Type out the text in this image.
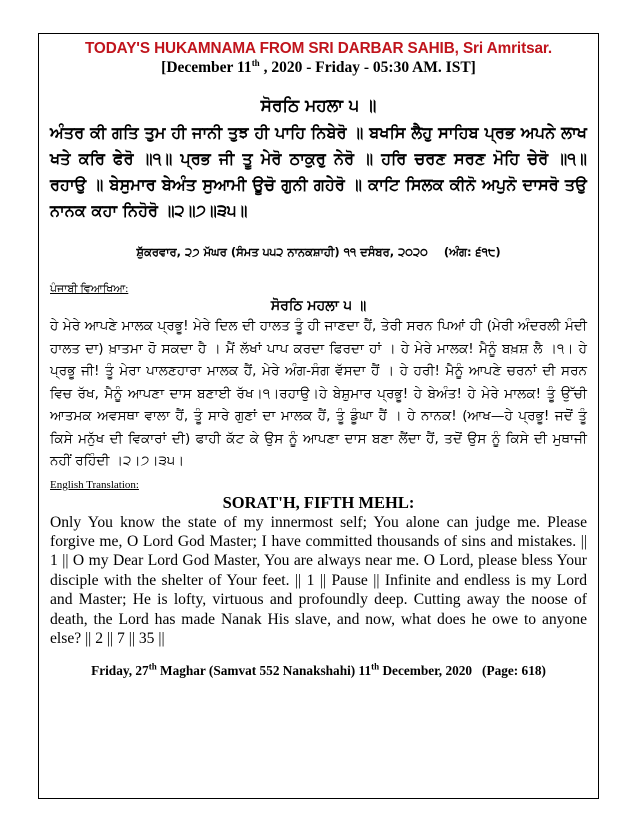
TODAY'S HUKAMNAMA FROM SRI DARBAR SAHIB, Sri Amritsar.
[December 11th , 2020 - Friday - 05:30 AM. IST]
ਸੋਰਠਿ ਮਹਲਾ ੫ ॥
ਅੰਤਰ ਕੀ ਗਤਿ ਤੁਮ ਹੀ ਜਾਨੀ ਤੁਝ ਹੀ ਪਾਹਿ ਨਿਬੇਰੋ ॥ ਬਖਸਿ ਲੈਹੁ ਸਾਹਿਬ ਪ੍ਰਭ ਅਪਨੇ ਲਾਖ ਖਤੇ ਕਰਿ ਫੇਰੋ ॥੧॥ ਪ੍ਰਭ ਜੀ ਤੂ ਮੇਰੋ ਠਾਕੁਰੁ ਨੇਰੋ ॥ ਹਰਿ ਚਰਣ ਸਰਣ ਮੋਹਿ ਚੇਰੋ ॥੧॥ ਰਹਾਉ ॥ ਬੇਸੁਮਾਰ ਬੇਅੰਤ ਸੁਆਮੀ ਊਚੋ ਗੁਨੀ ਗਹੇਰੋ ॥ ਕਾਟਿ ਸਿਲਕ ਕੀਨੋ ਅਪੁਨੋ ਦਾਸਰੋ ਤਉ ਨਾਨਕ ਕਹਾ ਨਿਹੋਰੋ ॥੨॥੭॥੩੫॥
ਸ਼ੁੱਕਰਵਾਰ, ੨੭ ਮੱਘਰ (ਸੰਮਤ ੫੫੨ ਨਾਨਕਸ਼ਾਹੀ) ੧੧ ਦਸੰਬਰ, ੨੦੨੦ (ਅੰਗ: ੬੧੮)
ਪੰਜਾਬੀ ਵਿਆਖਿਆ:
ਸੋਰਠਿ ਮਹਲਾ ੫ ॥
ਹੇ ਮੇਰੇ ਆਪਣੇ ਮਾਲਕ ਪ੍ਰਭੂ! ਮੇਰੇ ਦਿਲ ਦੀ ਹਾਲਤ ਤੂੰ ਹੀ ਜਾਣਦਾ ਹੈਂ, ਤੇਰੀ ਸਰਨ ਪਿਆਂ ਹੀ (ਮੇਰੀ ਅੰਦਰਲੀ ਮੰਦੀ ਹਾਲਤ ਦਾ) ਖ਼ਾਤਮਾ ਹੋ ਸਕਦਾ ਹੈ । ਮੈਂ ਲੱਖਾਂ ਪਾਪ ਕਰਦਾ ਫਿਰਦਾ ਹਾਂ । ਹੇ ਮੇਰੇ ਮਾਲਕ! ਮੈਨੂੰ ਬਖ਼ਸ਼ ਲੈ ।੧। ਹੇ ਪ੍ਰਭੂ ਜੀ! ਤੂੰ ਮੇਰਾ ਪਾਲਣਹਾਰਾ ਮਾਲਕ ਹੈਂ, ਮੇਰੇ ਅੰਗ-ਸੰਗ ਵੱਸਦਾ ਹੈਂ । ਹੇ ਹਰੀ! ਮੈਨੂੰ ਆਪਣੇ ਚਰਨਾਂ ਦੀ ਸਰਨ ਵਿਚ ਰੱਖ, ਮੈਨੂੰ ਆਪਣਾ ਦਾਸ ਬਣਾਈ ਰੱਖ।੧।ਰਹਾਉ।ਹੇ ਬੇਸ਼ੁਮਾਰ ਪ੍ਰਭੂ! ਹੇ ਬੇਅੰਤ! ਹੇ ਮੇਰੇ ਮਾਲਕ! ਤੂੰ ਉੱਚੀ ਆਤਮਕ ਅਵਸਥਾ ਵਾਲਾ ਹੈਂ, ਤੂੰ ਸਾਰੇ ਗੁਣਾਂ ਦਾ ਮਾਲਕ ਹੈਂ, ਤੂੰ ਡੂੰਘਾ ਹੈਂ । ਹੇ ਨਾਨਕ! (ਆਖ—ਹੇ ਪ੍ਰਭੂ! ਜਦੋਂ ਤੂੰ ਕਿਸੇ ਮਨੁੱਖ ਦੀ ਵਿਕਾਰਾਂ ਦੀ) ਫਾਹੀ ਕੱਟ ਕੇ ਉਸ ਨੂੰ ਆਪਣਾ ਦਾਸ ਬਣਾ ਲੈਂਦਾ ਹੈਂ, ਤਦੋਂ ਉਸ ਨੂੰ ਕਿਸੇ ਦੀ ਮੁਥਾਜੀ ਨਹੀਂ ਰਹਿੰਦੀ ।੨।੭।੩੫।
English Translation:
SORAT'H, FIFTH MEHL:
Only You know the state of my innermost self; You alone can judge me. Please forgive me, O Lord God Master; I have committed thousands of sins and mistakes. || 1 || O my Dear Lord God Master, You are always near me. O Lord, please bless Your disciple with the shelter of Your feet. || 1 || Pause || Infinite and endless is my Lord and Master; He is lofty, virtuous and profoundly deep. Cutting away the noose of death, the Lord has made Nanak His slave, and now, what does he owe to anyone else? || 2 || 7 || 35 ||
Friday, 27th Maghar (Samvat 552 Nanakshahi) 11th December, 2020 (Page: 618)
